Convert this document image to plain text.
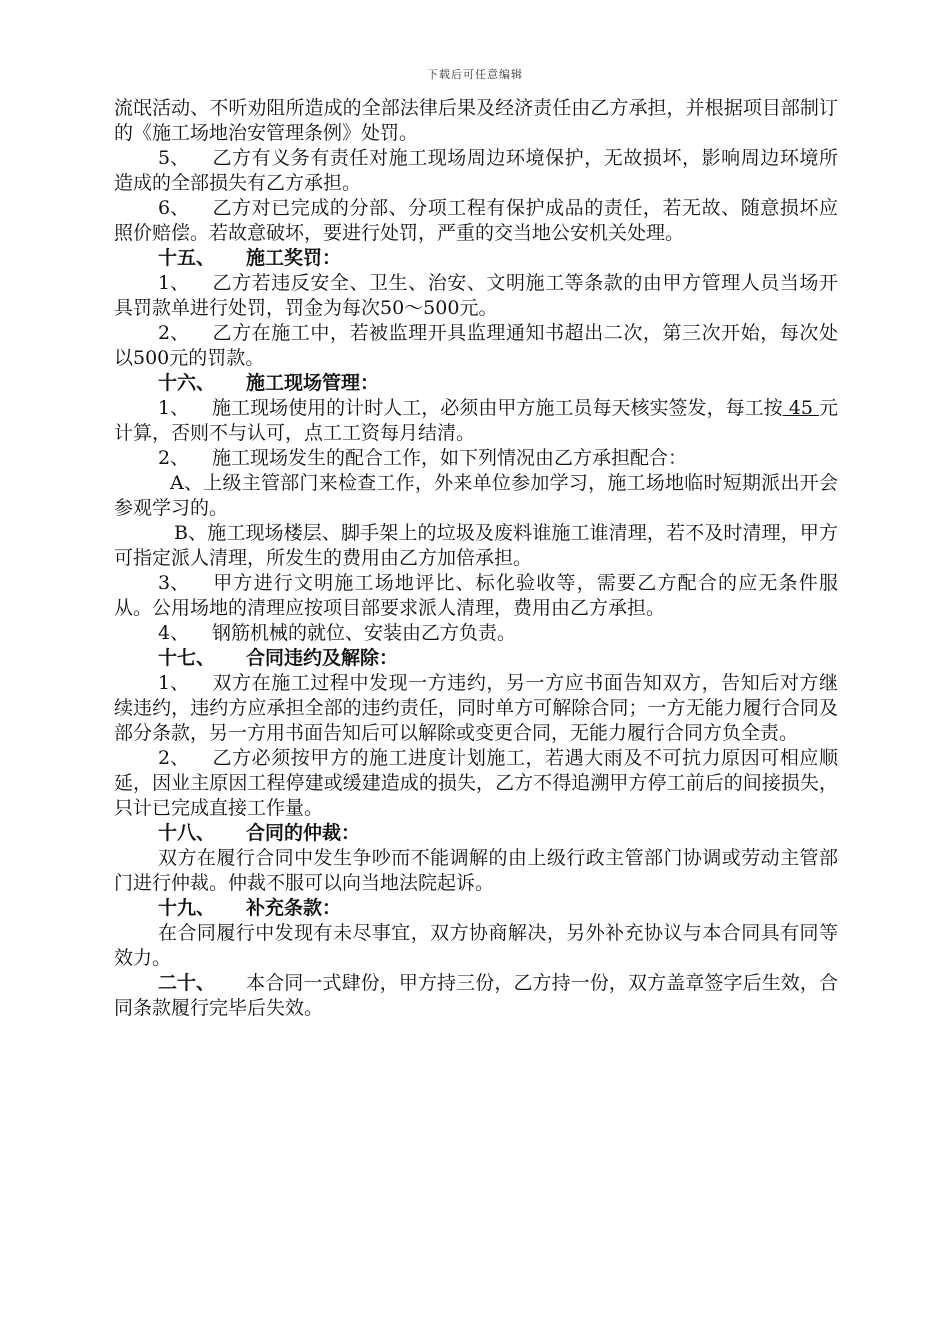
下载后可任意编辑

流氓活动、不听劝阻所造成的全部法律后果及经济责任由乙方承担，并根据项目部制订的《施工场地治安管理条例》处罚。

5、 乙方有义务有责任对施工现场周边环境保护，无故损坏，影响周边环境所造成的全部损失有乙方承担。

6、 乙方对已完成的分部、分项工程有保护成品的责任，若无故、随意损坏应照价赔偿。若故意破坏，要进行处罚，严重的交当地公安机关处理。

十五、 施工奖罚：

1、 乙方若违反安全、卫生、治安、文明施工等条款的由甲方管理人员当场开具罚款单进行处罚，罚金为每次50～500元。

2、 乙方在施工中，若被监理开具监理通知书超出二次，第三次开始，每次处以500元的罚款。

十六、 施工现场管理：

1、 施工现场使用的计时人工，必须由甲方施工员每天核实签发，每工按 45 元计算，否则不与认可，点工工资每月结清。

2、 施工现场发生的配合工作，如下列情况由乙方承担配合：

A、上级主管部门来检查工作，外来单位参加学习，施工场地临时短期派出开会参观学习的。

B、施工现场楼层、脚手架上的垃圾及废料谁施工谁清理，若不及时清理，甲方可指定派人清理，所发生的费用由乙方加倍承担。

3、 甲方进行文明施工场地评比、标化验收等，需要乙方配合的应无条件服从。公用场地的清理应按项目部要求派人清理，费用由乙方承担。

4、 钢筋机械的就位、安装由乙方负责。

十七、 合同违约及解除：

1、 双方在施工过程中发现一方违约，另一方应书面告知双方，告知后对方继续违约，违约方应承担全部的违约责任，同时单方可解除合同；一方无能力履行合同及部分条款，另一方用书面告知后可以解除或变更合同，无能力履行合同方负全责。

2、 乙方必须按甲方的施工进度计划施工，若遇大雨及不可抗力原因可相应顺延，因业主原因工程停建或缓建造成的损失，乙方不得追溯甲方停工前后的间接损失，只计已完成直接工作量。

十八、 合同的仲裁：

双方在履行合同中发生争吵而不能调解的由上级行政主管部门协调或劳动主管部门进行仲裁。仲裁不服可以向当地法院起诉。

十九、 补充条款：

在合同履行中发现有未尽事宜，双方协商解决，另外补充协议与本合同具有同等效力。

二十、 本合同一式肆份，甲方持三份，乙方持一份，双方盖章签字后生效，合同条款履行完毕后失效。
